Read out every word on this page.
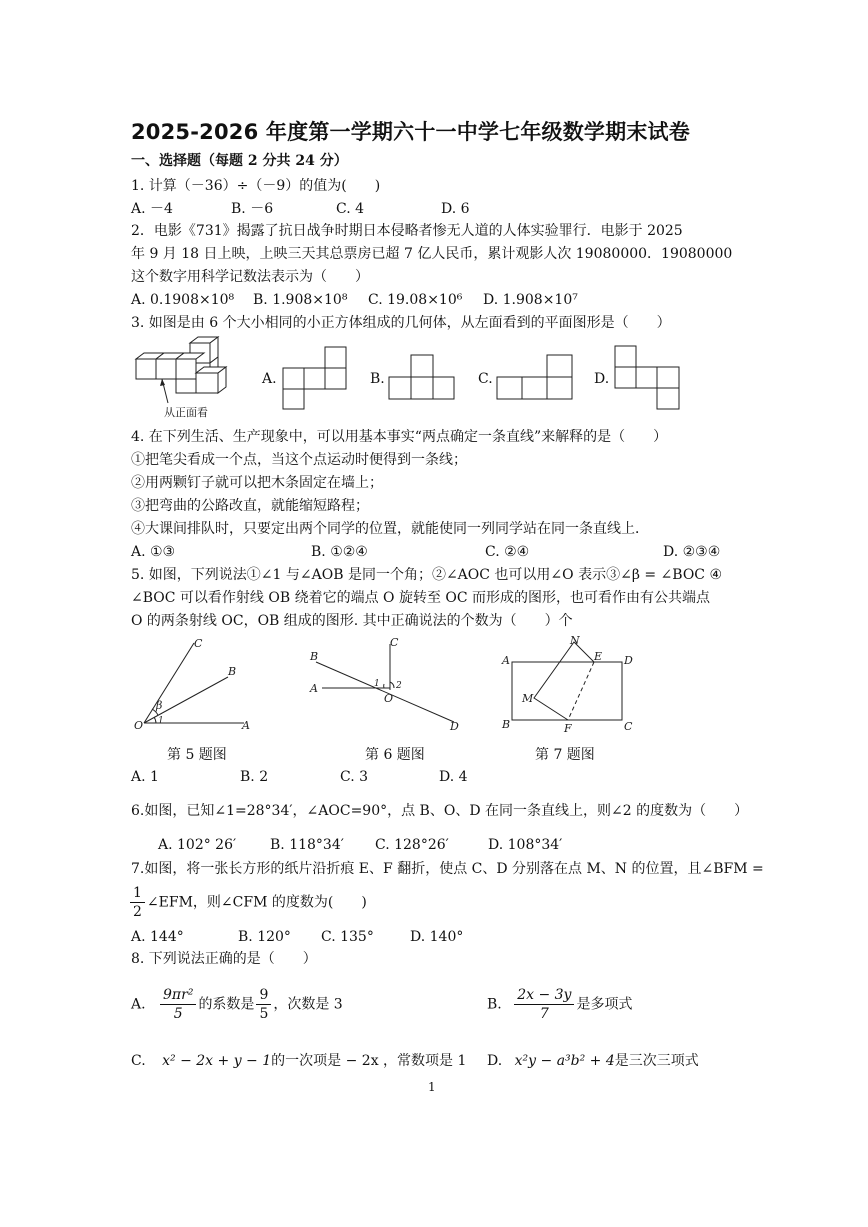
2025-2026 年度第一学期六十一中学七年级数学期末试卷
一、选择题（每题 2 分共 24 分）
1. 计算（－36）÷（－9）的值为(　　)
A. －4	B. －6	C. 4	D. 6
2．电影《731》揭露了抗日战争时期日本侵略者惨无人道的人体实验罪行．电影于 2025
年 9 月 18 日上映，上映三天其总票房已超 7 亿人民币，累计观影人次 19080000．19080000
这个数字用科学记数法表示为（　　）
A. 0.1908×10⁸ B. 1.908×10⁸ C. 19.08×10⁶ D. 1.908×10⁷
3. 如图是由 6 个大小相同的小正方体组成的几何体，从左面看到的平面图形是（　　）
从正面看
A.	B.	C.	D.
4. 在下列生活、生产现象中，可以用基本事实“两点确定一条直线”来解释的是（　　）
①把笔尖看成一个点，当这个点运动时便得到一条线；
②用两颗钉子就可以把木条固定在墙上；
③把弯曲的公路改直，就能缩短路程；
④大课间排队时，只要定出两个同学的位置，就能使同一列同学站在同一条直线上．
A. ①③	B. ①②④	C. ②④	D. ②③④
5. 如图，下列说法①∠1 与∠AOB 是同一个角；②∠AOC 也可以用∠O 表示③∠β = ∠BOC ④
∠BOC 可以看作射线 OB 绕着它的端点 O 旋转至 OC 而形成的图形，也可看作由有公共端点
O 的两条射线 OC，OB 组成的图形. 其中正确说法的个数为（　　）个
C
B
O	A
β
1
第 5 题图
C
B
A
O
D
1 2
第 6 题图
A
N
E D
M
B	F	C
第 7 题图
A. 1	B. 2	C. 3	D. 4
6.如图，已知∠1=28°34′，∠AOC=90°，点 B、O、D 在同一条直线上，则∠2 的度数为（　　）
A. 102° 26′ B. 118°34′ C. 128°26′	D. 108°34′
7.如图，将一张长方形的纸片沿折痕 E、F 翻折，使点 C、D 分别落在点 M、N 的位置，且∠BFM =
$\frac{1}{2}$ ∠EFM，则∠CFM 的度数为(　　)
A. 144°	B. 120° C. 135°	D. 140°
8. 下列说法正确的是（　　）
A. $\frac{\text{9πr²}}{5}$ 的系数是 $\frac{9}{5}$ ，次数是 3	B. $\frac{2x - 3y}{7}$ 是多项式
C. x² − 2x + y − 1的一次项是 − 2x ，常数项是 1 D. x²y − a³b² + 4是三次三项式
1
